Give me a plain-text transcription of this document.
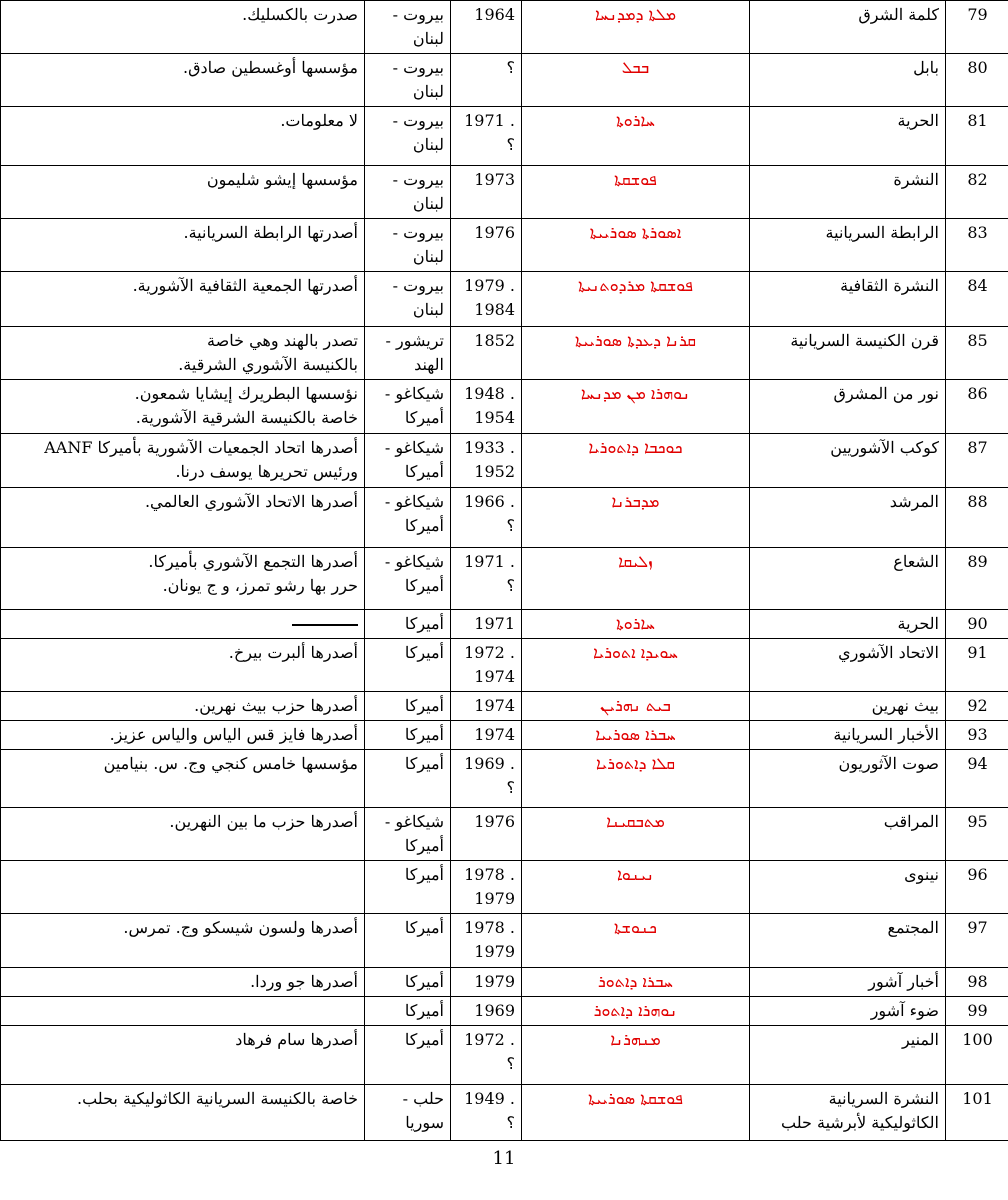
صدرت بالكسليك.	بيروت -
لبنان	1964	ܡܠܬܐ ܕܡܕܢܚܐ	كلمة الشرق	79
مؤسسها أوغسطين صادق.	بيروت -
لبنان	؟	ܒܒܠ	بابل	80
لا معلومات.	بيروت -
لبنان	1971 .
؟	ܚܐܪܘܬܐ	الحرية	81
مؤسسها إيشو شليمون	بيروت -
لبنان	1973	ܦܘܫܩܬܐ	النشرة	82
أصدرتها الرابطة السريانية.	بيروت -
لبنان	1976	ܐܣܘܪܬܐ ܣܘܪܝܝܬܐ	الرابطة السريانية	83
أصدرتها الجمعية الثقافية الآشورية.	بيروت -
لبنان	1979 .
1984	ܦܘܫܩܬܐ ܡܪܕܘܬܢܝܬܐ	النشرة الثقافية	84
تصدر بالهند وهي خاصة
بالكنيسة الآشوري الشرقية.	تريشور -
الهند	1852	ܩܪܢܐ ܕܥܕܬܐ ܣܘܪܝܝܬܐ	قرن الكنيسة السريانية	85
نؤسسها البطريرك إيشايا شمعون.
خاصة بالكنيسة الشرقية الآشورية.	شيكاغو -
أميركا	1948 .
1954	ܢܘܗܪܐ ܡܢ ܡܕܢܚܐ	نور من المشرق	86
أصدرها اتحاد الجمعيات الآشورية بأميركا AANF
ورئيس تحريرها يوسف درنا.	شيكاغو -
أميركا	1933 .
1952	ܟܘܟܒܐ ܕܐܬܘܪܝܐ	كوكب الآشوريين	87
أصدرها الاتحاد الآشوري العالمي.	شيكاغو -
أميركا	1966 .
؟	ܡܕܒܪܢܐ	المرشد	88
أصدرها التجمع الآشوري بأميركا.
حرر بها رشو تمرز، و ج يونان.	شيكاغو -
أميركا	1971 .
؟	ܙܠܝܩܐ	الشعاع	89
	أميركا	1971	ܚܐܪܘܬܐ	الحرية	90
أصدرها ألبرت بيرخ.	أميركا	1972 .
1974	ܚܘܝܕܐ ܐܬܘܪܝܐ	الاتحاد الآشوري	91
أصدرها حزب بيث نهرين.	أميركا	1974	ܒܝܬ ܢܗܪܝܢ	بيث نهرين	92
أصدرها فايز قس الياس والياس عزيز.	أميركا	1974	ܚܒܪܐ ܣܘܪܝܝܐ	الأخبار السريانية	93
مؤسسها خامس كنجي وج. س. بنيامين	أميركا	1969 .
؟	ܩܠܐ ܕܐܬܘܪܝܐ	صوت الآثوريون	94
أصدرها حزب ما بين النهرين.	شيكاغو -
أميركا	1976	ܡܬܒܩܝܢܐ	المراقب	95
	أميركا	1978 .
1979	ܢܝܢܘܐ	نينوى	96
أصدرها ولسون شيسكو وج. تمرس.	أميركا	1978 .
1979	ܟܢܘܫܬܐ	المجتمع	97
أصدرها جو وردا.	أميركا	1979	ܚܒܪܐ ܕܐܬܘܪ	أخبار آشور	98
	أميركا	1969	ܢܘܗܪܐ ܕܐܬܘܪ	ضوء آشور	99
أصدرها سام فرهاد	أميركا	1972 .
؟	ܡܢܗܪܢܐ	المنير	100
خاصة بالكنيسة السريانية الكاثوليكية بحلب.	حلب -
سوريا	1949 .
؟	ܦܘܫܩܬܐ ܣܘܪܝܝܬܐ	النشرة السريانية
الكاثوليكية لأبرشية حلب	101
11
